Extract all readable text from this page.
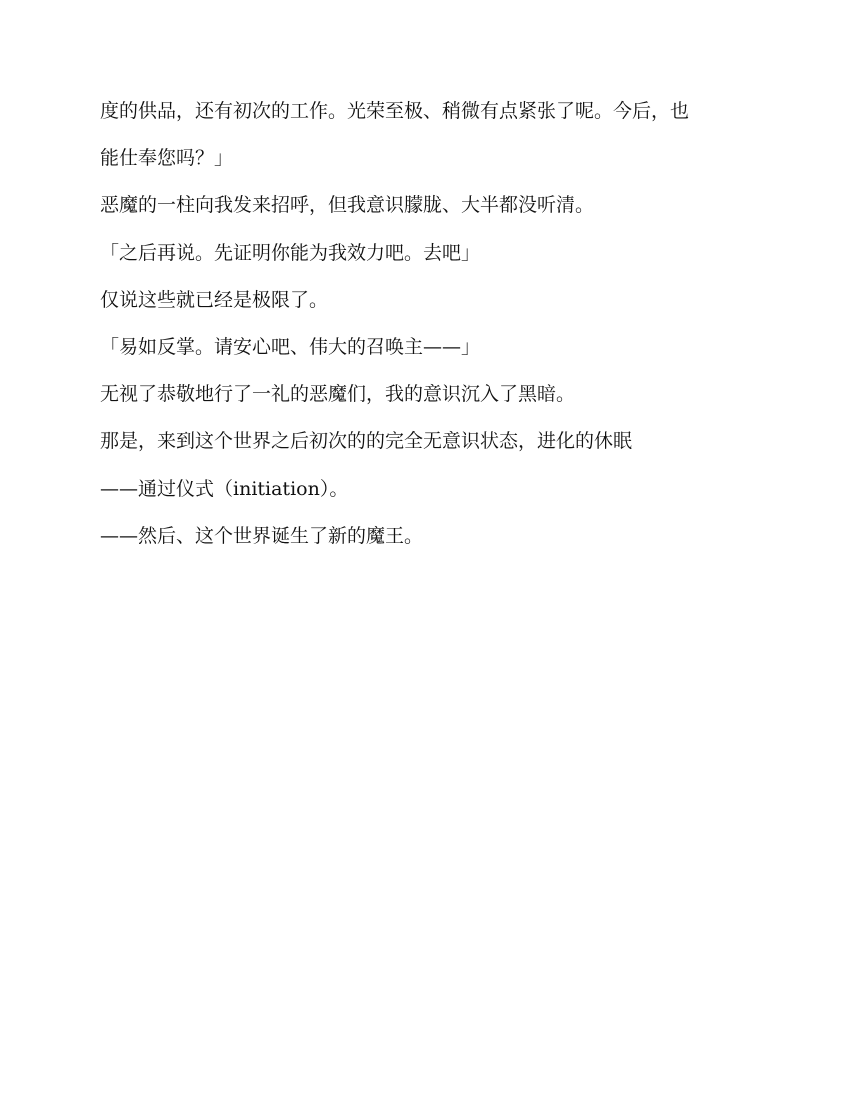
度的供品，还有初次的工作。光荣至极、稍微有点紧张了呢。今后，也

能仕奉您吗？」

恶魔的一柱向我发来招呼，但我意识朦胧、大半都没听清。

「之后再说。先证明你能为我效力吧。去吧」

仅说这些就已经是极限了。

「易如反掌。请安心吧、伟大的召唤主——」

无视了恭敬地行了一礼的恶魔们，我的意识沉入了黑暗。

那是，来到这个世界之后初次的的完全无意识状态，进化的休眠

——通过仪式（initiation）。

——然后、这个世界诞生了新的魔王。
